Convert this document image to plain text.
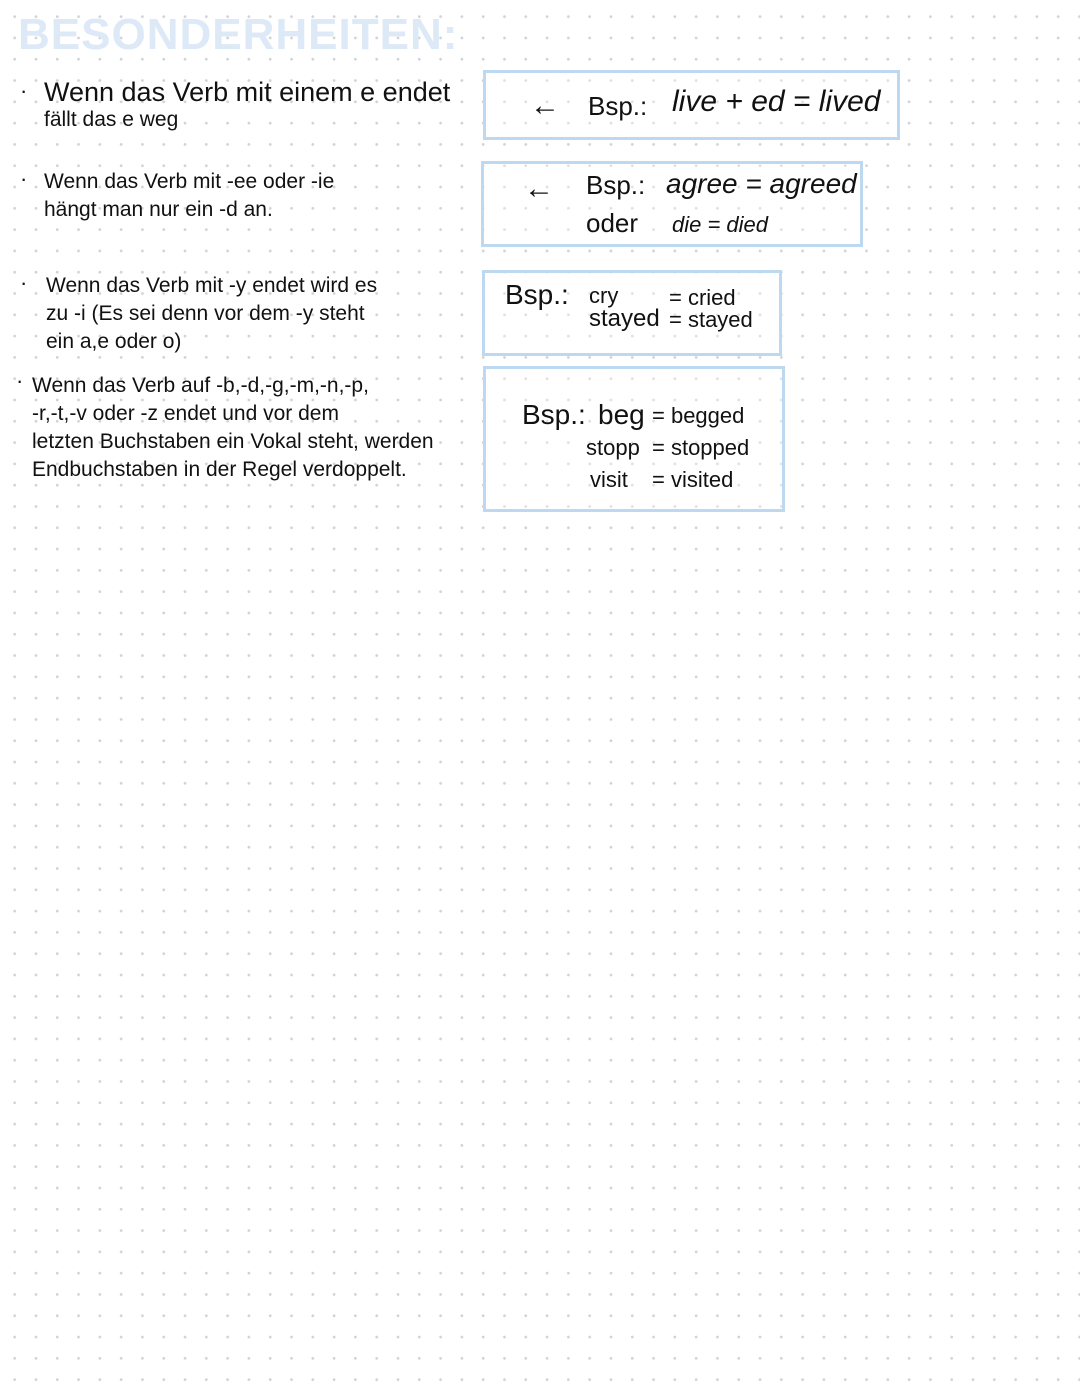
BESONDERHEITEN:
· Wenn das Verb mit einem e endet
fällt das e weg
· Wenn das Verb mit -ee oder -ie
hängt man nur ein -d an.
· Wenn das Verb mit -y endet wird es
zu -i (Es sei denn vor dem -y steht
ein a,e oder o)
· Wenn das Verb auf -b,-d,-g,-m,-n,-p,
-r,-t,-v oder -z endet und vor dem
letzten Buchstaben ein Vokal steht, werden
Endbuchstaben in der Regel verdoppelt.
← Bsp.: live + ed = lived
← Bsp.: agree = agreed
oder die = died
Bsp.: cry = cried
stayed = stayed
Bsp.: beg = begged
stopp = stopped
visit = visited
